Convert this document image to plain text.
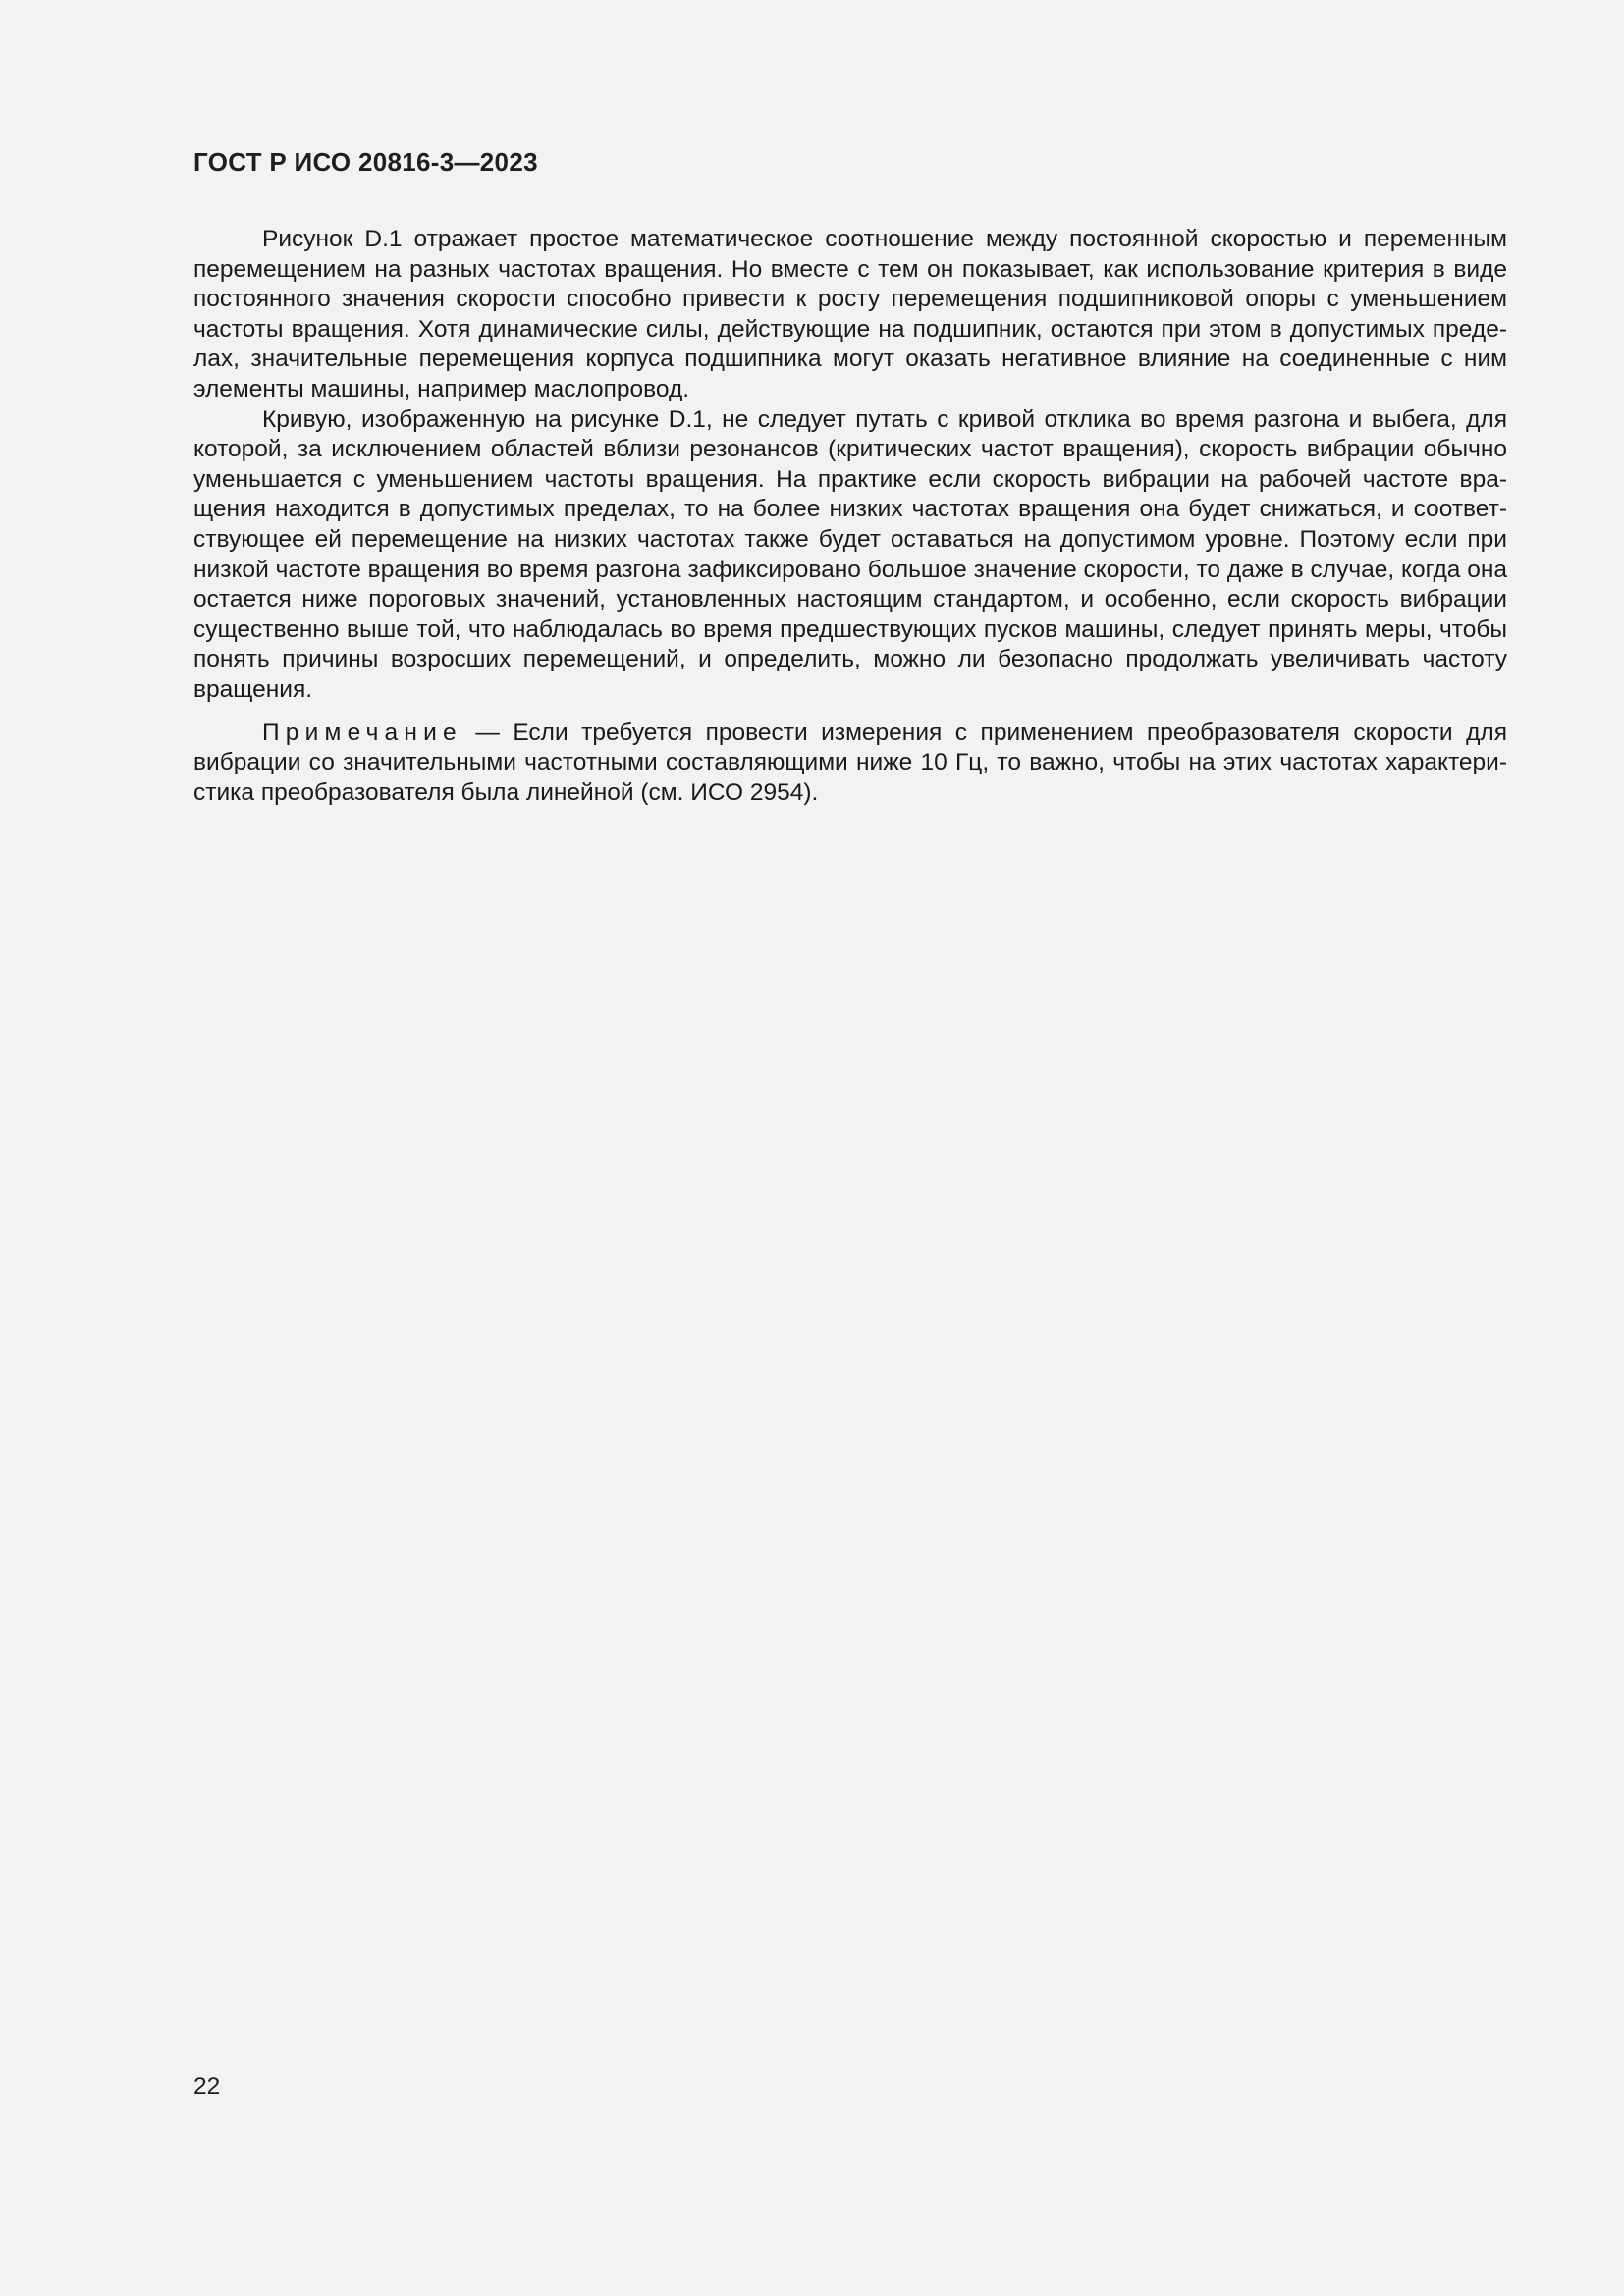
ГОСТ Р ИСО 20816-3—2023

Рисунок D.1 отражает простое математическое соотношение между постоянной скоростью и переменным перемещением на разных частотах вращения. Но вместе с тем он показывает, как использование критерия в виде постоянного значения скорости способно привести к росту перемещения подшипниковой опоры с уменьшением частоты вращения. Хотя динамические силы, действующие на подшипник, остаются при этом в допустимых пределах, значительные перемещения корпуса подшипника могут оказать негативное влияние на соединенные с ним элементы машины, например маслопровод.

Кривую, изображенную на рисунке D.1, не следует путать с кривой отклика во время разгона и выбега, для которой, за исключением областей вблизи резонансов (критических частот вращения), скорость вибрации обычно уменьшается с уменьшением частоты вращения. На практике если скорость вибрации на рабочей частоте вращения находится в допустимых пределах, то на более низких частотах вращения она будет снижаться, и соответствующее ей перемещение на низких частотах также будет оставаться на допустимом уровне. Поэтому если при низкой частоте вращения во время разгона зафиксировано большое значение скорости, то даже в случае, когда она остается ниже пороговых значений, установленных настоящим стандартом, и особенно, если скорость вибрации существенно выше той, что наблюдалась во время предшествующих пусков машины, следует принять меры, чтобы понять причины возросших перемещений, и определить, можно ли безопасно продолжать увеличивать частоту вращения.

Примечание — Если требуется провести измерения с применением преобразователя скорости для вибрации со значительными частотными составляющими ниже 10 Гц, то важно, чтобы на этих частотах характеристика преобразователя была линейной (см. ИСО 2954).

22
